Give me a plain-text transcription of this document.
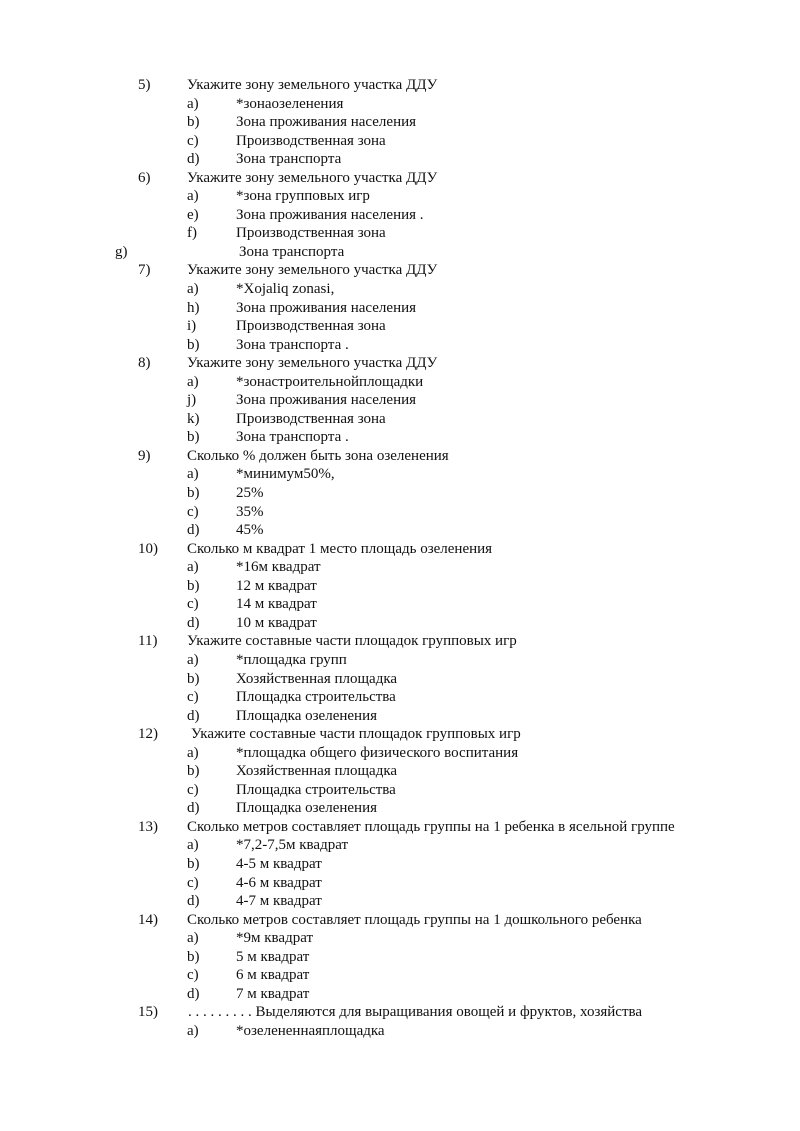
5) Укажите зону земельного участка ДДУ
a) *зонаозеленения
b) Зона проживания населения
c) Производственная зона
d) Зона транспорта
6) Укажите зону земельного участка ДДУ
a) *зона групповых игр
e) Зона проживания населения .
f)	Производственная зона
g)	Зона транспорта
7) Укажите зону земельного участка ДДУ
a) *Xojaliq zonasi,
h) Зона проживания населения
i)	Производственная зона
b) Зона транспорта .
8) Укажите зону земельного участка ДДУ
a) *зонастроительнойплощадки
j)	Зона проживания населения
k) Производственная зона
b) Зона транспорта .
9) Сколько % должен быть зона озеленения
a) *минимум50%,
b) 25%
c) 35%
d) 45%
10) Сколько м квадрат 1 место площадь озеленения
a) *16м квадрат
b) 12 м квадрат
c) 14 м квадрат
d) 10 м квадрат
11) Укажите составные части площадок групповых игр
a) *площадка групп
b) Хозяйственная площадка
c) Площадка строительства
d) Площадка озеленения
12) Укажите составные части площадок групповых игр
a) *площадка общего физического воспитания
b) Хозяйственная площадка
c) Площадка строительства
d) Площадка озеленения
13) Сколько метров составляет площадь группы на 1 ребенка в ясельной группе
a) *7,2-7,5м квадрат
b) 4-5 м квадрат
c) 4-6 м квадрат
d) 4-7 м квадрат
14) Сколько метров составляет площадь группы на 1 дошкольного ребенка
a) *9м квадрат
b) 5 м квадрат
c) 6 м квадрат
d) 7 м квадрат
15) . . . . . . . . . Выделяются для выращивания овощей и фруктов, хозяйства
a) *озелененнаяплощадка
